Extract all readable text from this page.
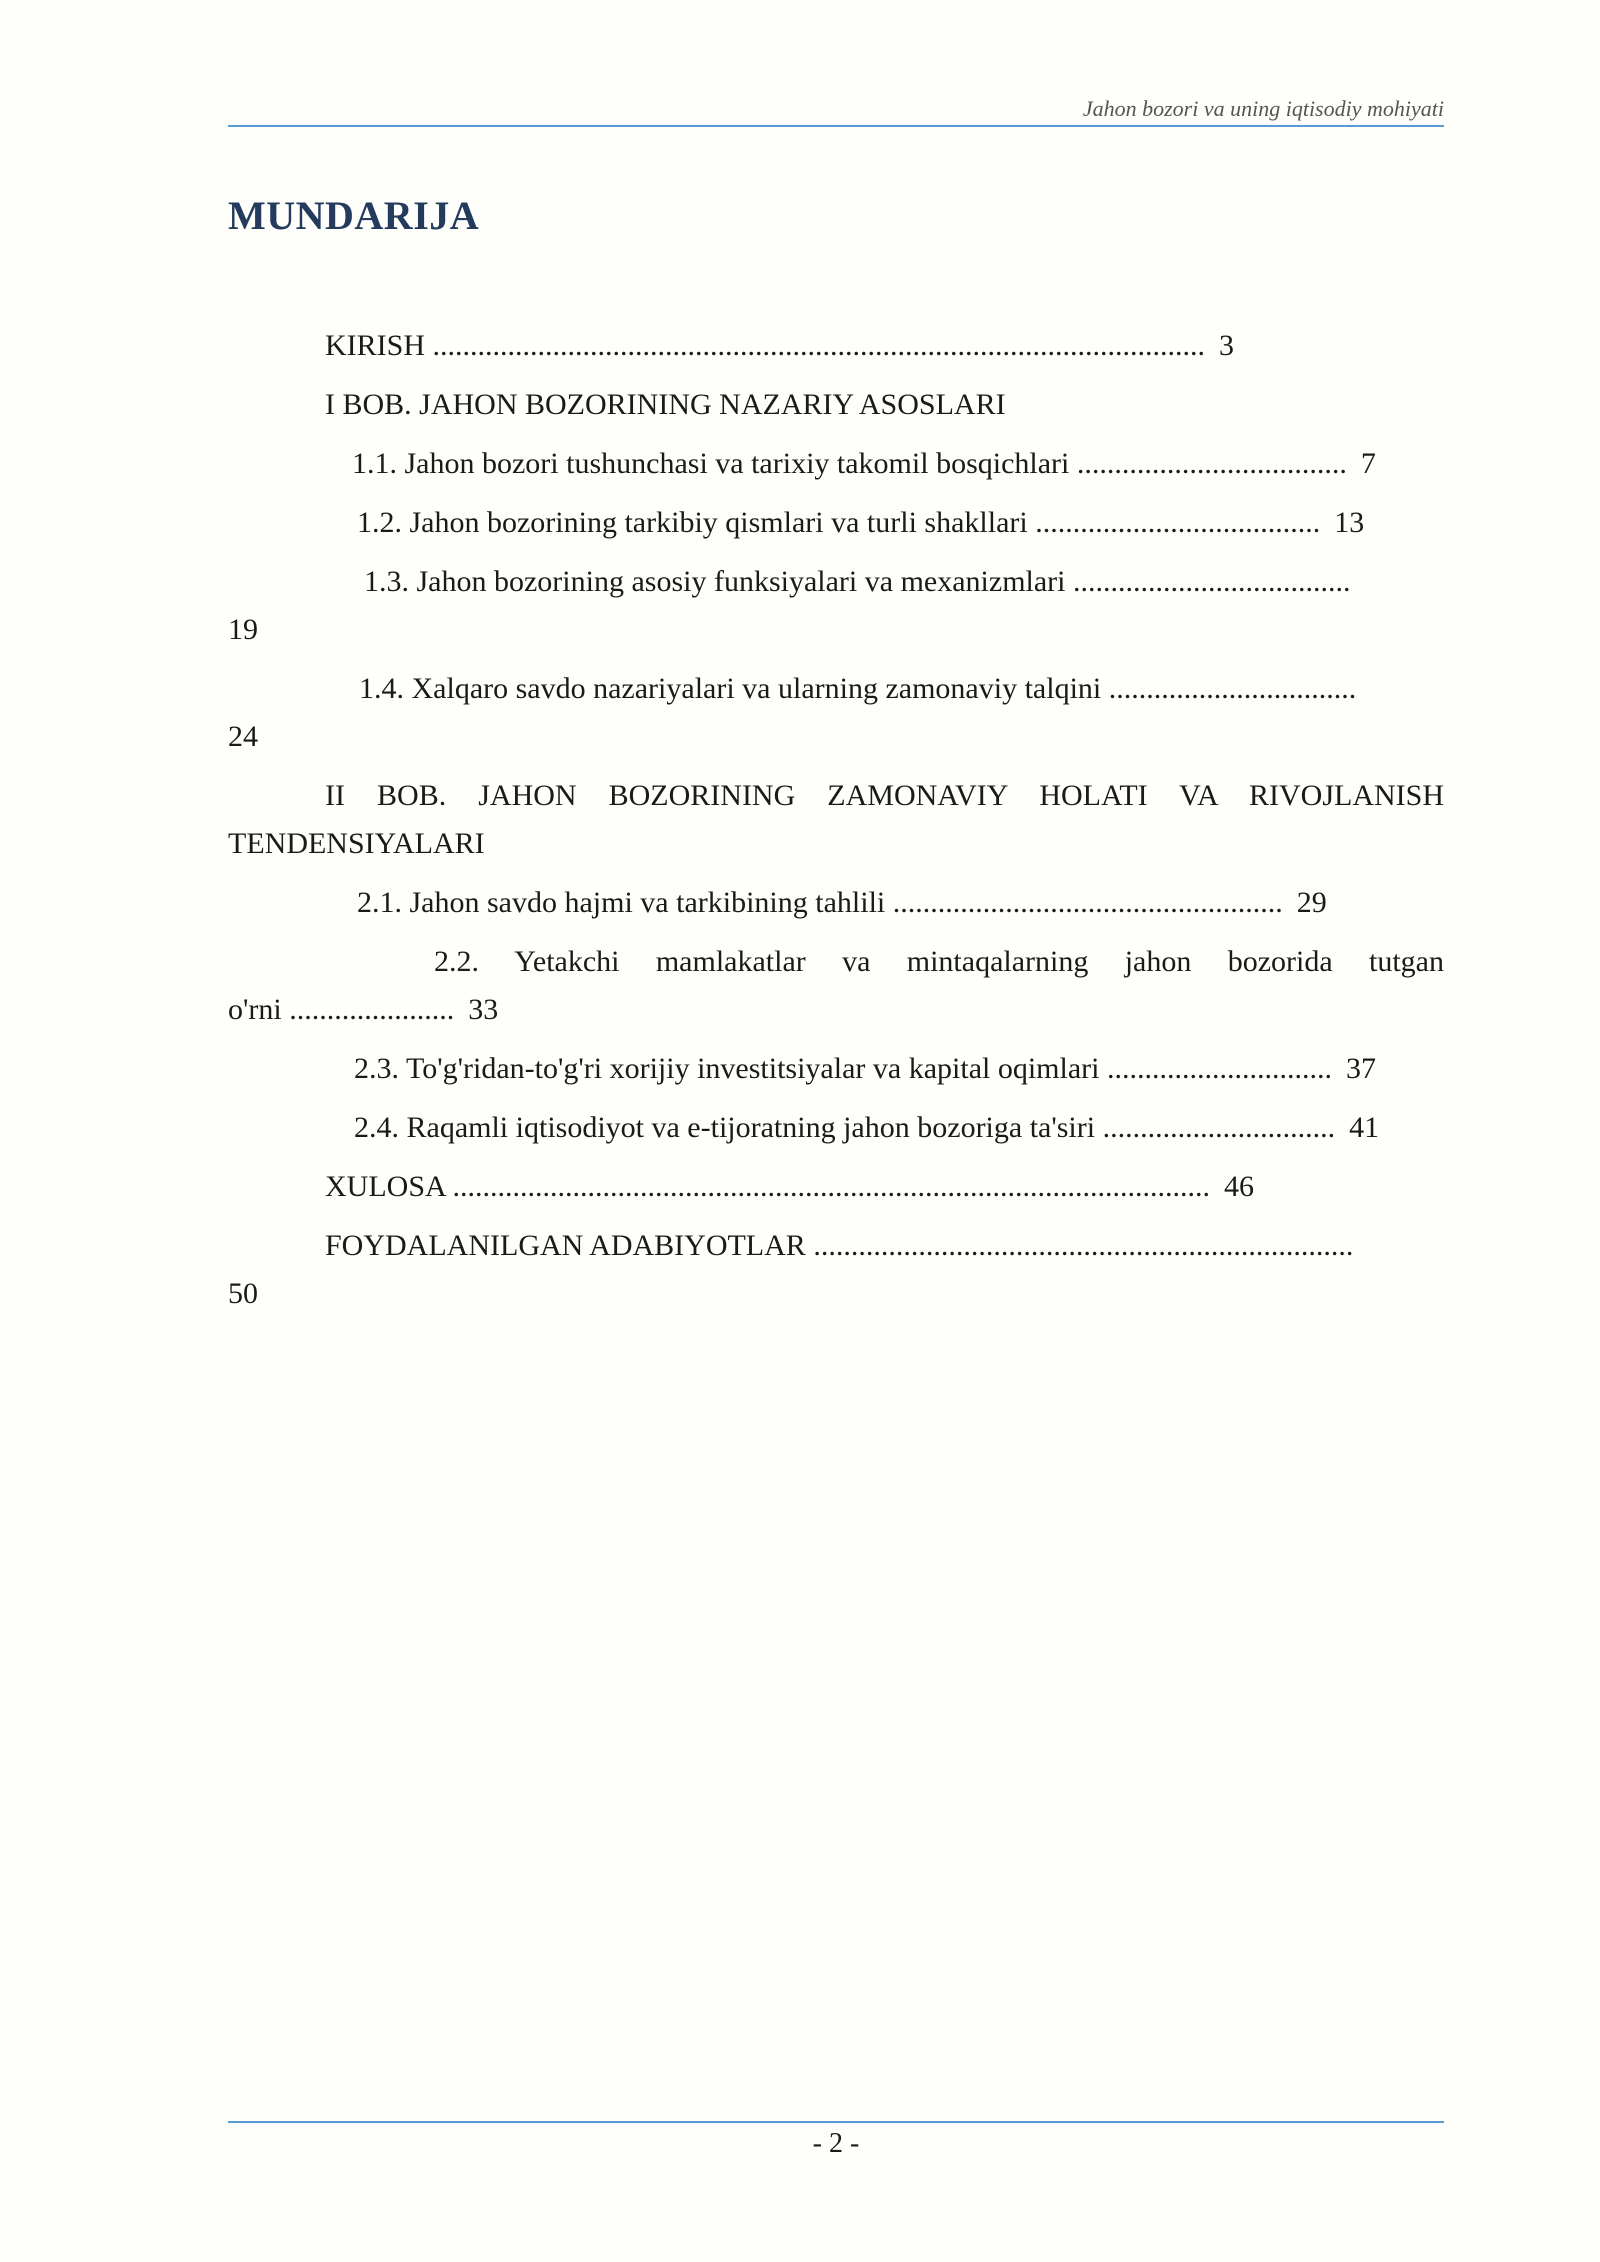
Jahon bozori va uning iqtisodiy mohiyati
MUNDARIJA
KIRISH ....................................................................................................... 3
I BOB. JAHON BOZORINING NAZARIY ASOSLARI
1.1. Jahon bozori tushunchasi va tarixiy takomil bosqichlari .................................... 7
1.2. Jahon bozorining tarkibiy qismlari va turli shakllari ...................................... 13
1.3. Jahon bozorining asosiy funksiyalari va mexanizmlari .....................................
19
1.4. Xalqaro savdo nazariyalari va ularning zamonaviy talqini .................................
24
II BOB. JAHON BOZORINING ZAMONAVIY HOLATI VA RIVOJLANISH
TENDENSIYALARI
2.1. Jahon savdo hajmi va tarkibining tahlili .................................................... 29
2.2. Yetakchi mamlakatlar va mintaqalarning jahon bozorida tutgan
o'rni ...................... 33
2.3. To'g'ridan-to'g'ri xorijiy investitsiyalar va kapital oqimlari .............................. 37
2.4. Raqamli iqtisodiyot va e-tijoratning jahon bozoriga ta'siri ............................... 41
XULOSA ..................................................................................................... 46
FOYDALANILGAN ADABIYOTLAR ........................................................................
50
- 2 -
